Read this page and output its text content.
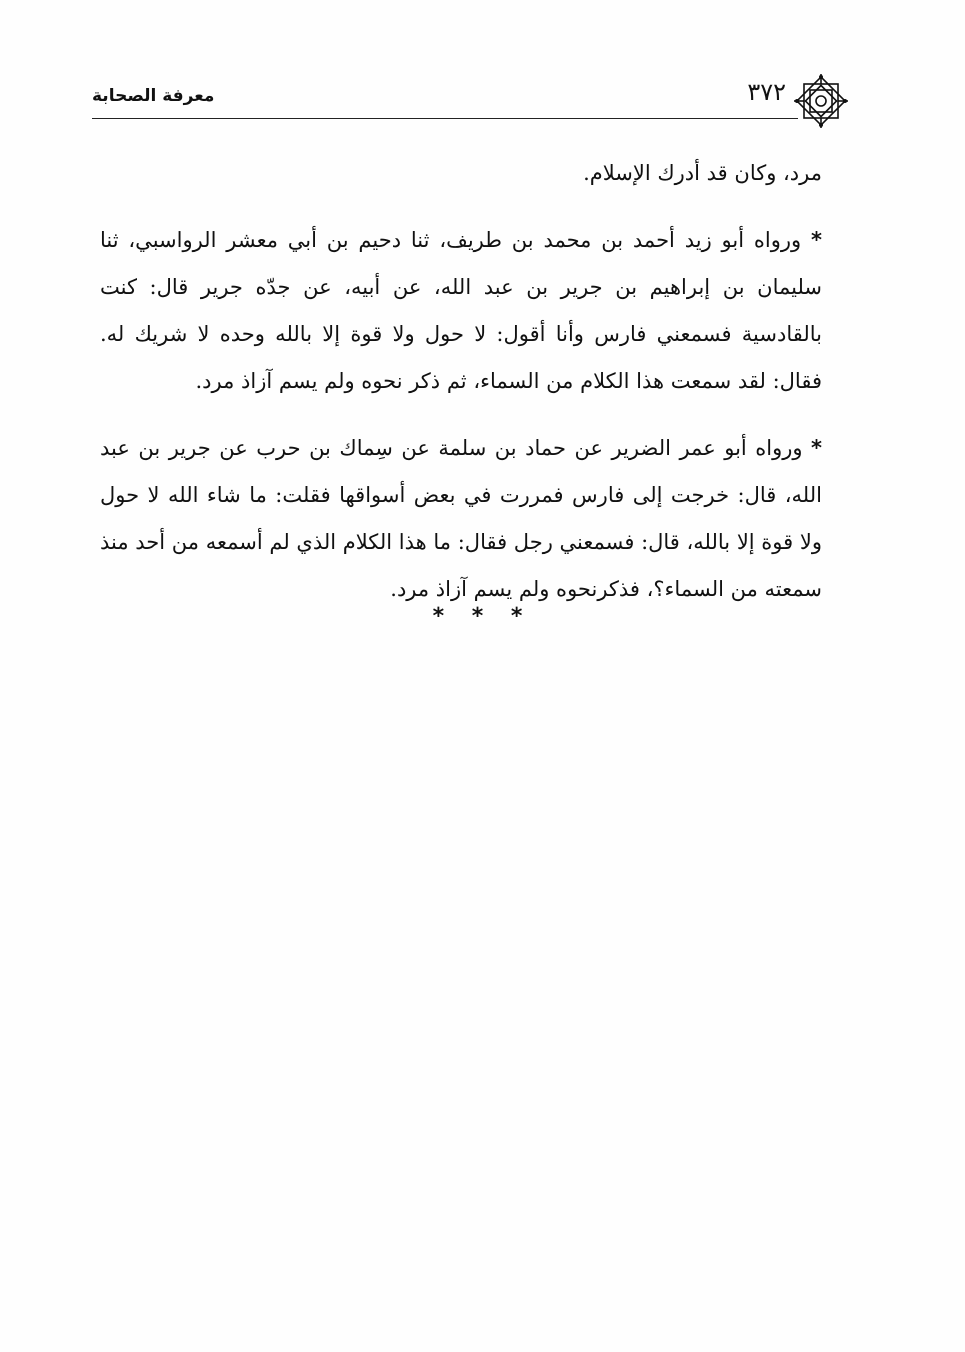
معرفة الصحابة	٣٧٢

مرد، وكان قد أدرك الإسلام.

* ورواه أبو زيد أحمد بن محمد بن طريف، ثنا دحيم بن أبي معشر الرواسبي، ثنا سليمان بن إبراهيم بن جرير بن عبد الله، عن أبيه، عن جدّه جرير قال: كنت بالقادسية فسمعني فارس وأنا أقول: لا حول ولا قوة إلا بالله وحده لا شريك له. فقال: لقد سمعت هذا الكلام من السماء، ثم ذكر نحوه ولم يسم آزاذ مرد.

* ورواه أبو عمر الضرير عن حماد بن سلمة عن سِماك بن حرب عن جرير بن عبد الله، قال: خرجت إلى فارس فمررت في بعض أسواقها فقلت: ما شاء الله لا حول ولا قوة إلا بالله، قال: فسمعني رجل فقال: ما هذا الكلام الذي لم أسمعه من أحد منذ سمعته من السماء؟، فذكرنحوه ولم يسم آزاذ مرد.

* * *
